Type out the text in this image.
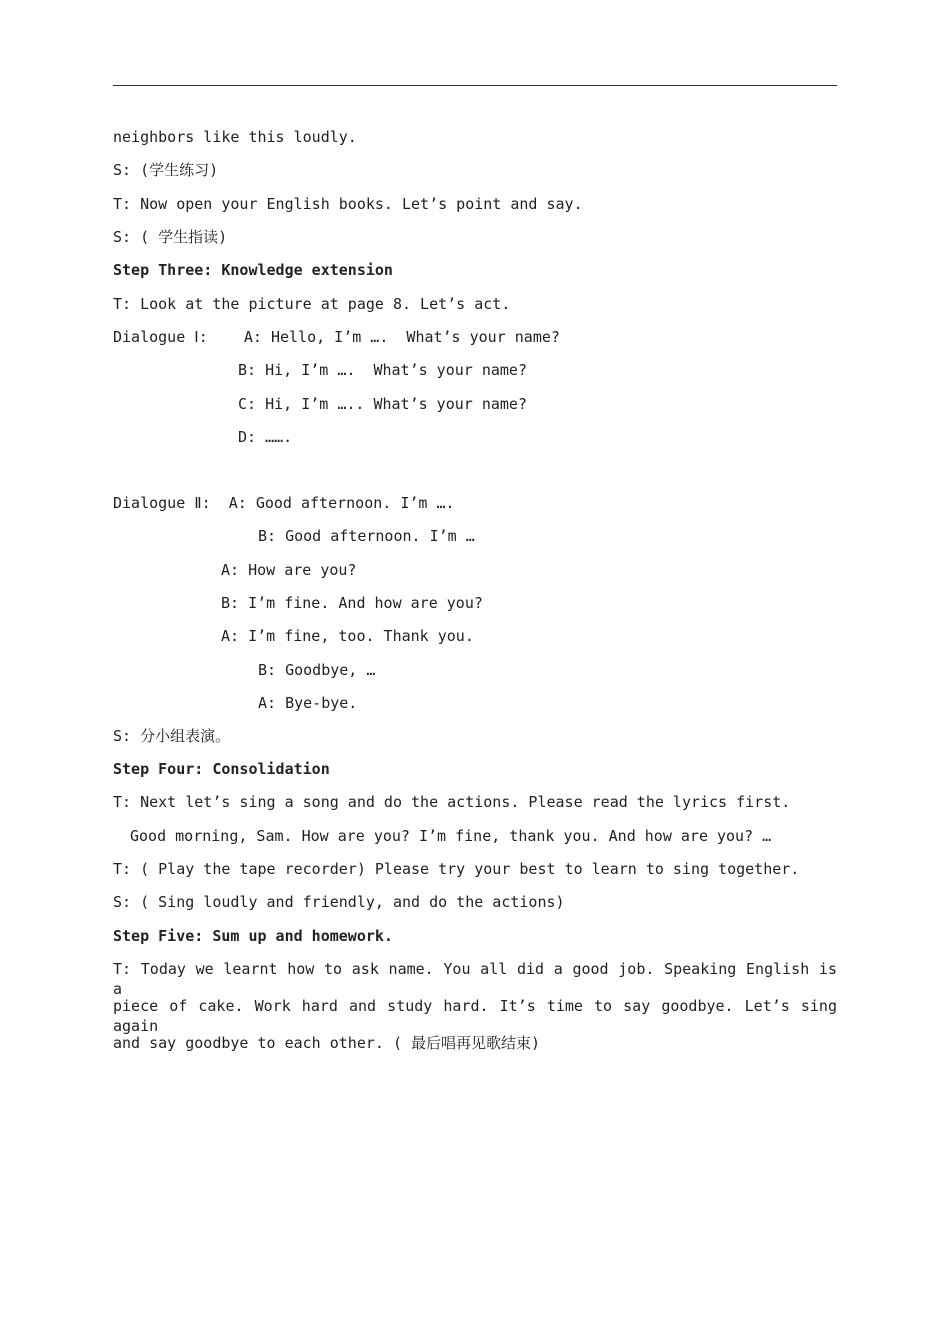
neighbors like this loudly.
S: (学生练习)
T: Now open your English books. Let’s point and say.
S: ( 学生指读)
Step Three: Knowledge extension
T: Look at the picture at page 8. Let’s act.
Dialogue Ⅰ:    A: Hello, I’m ….  What’s your name?
B: Hi, I’m ….  What’s your name?
C: Hi, I’m ….. What’s your name?
D: …….
Dialogue Ⅱ:  A: Good afternoon. I’m ….
B: Good afternoon. I’m …
A: How are you?
B: I’m fine. And how are you?
A: I’m fine, too. Thank you.
B: Goodbye, …
A: Bye-bye.
S: 分小组表演。
Step Four: Consolidation
T: Next let’s sing a song and do the actions. Please read the lyrics first.
Good morning, Sam. How are you? I’m fine, thank you. And how are you? …
T: ( Play the tape recorder) Please try your best to learn to sing together.
S: ( Sing loudly and friendly, and do the actions)
Step Five: Sum up and homework.
T: Today we learnt how to ask name. You all did a good job. Speaking English is a
piece of cake. Work hard and study hard. It’s time to say goodbye. Let’s sing again
and say goodbye to each other. ( 最后唱再见歌结束)
